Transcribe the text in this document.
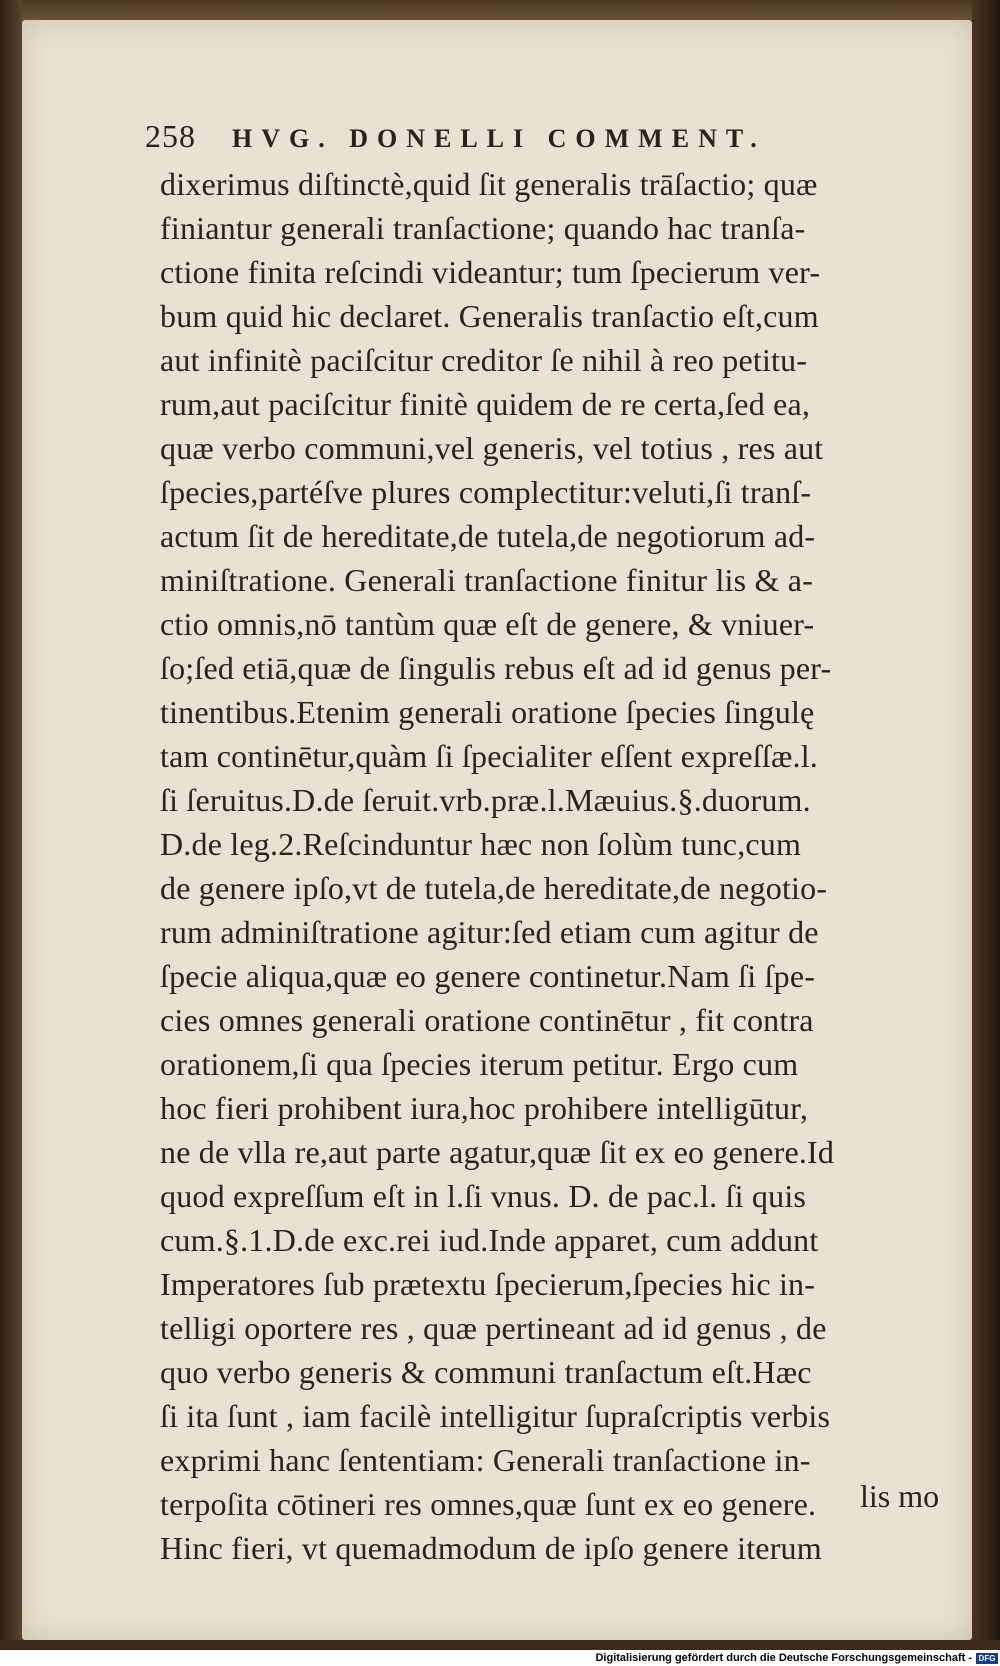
258 HVG. DONELLI COMMENT.
dixerimus diſtinctè,quid ſit generalis trāſactio; quæ
finiantur generali tranſactione; quando hac tranſa-
ctione finita reſcindi videantur; tum ſpecierum ver-
bum quid hic declaret. Generalis tranſactio eſt,cum
aut infinitè paciſcitur creditor ſe nihil à reo petitu-
rum,aut paciſcitur finitè quidem de re certa,ſed ea,
quæ verbo communi,vel generis, vel totius , res aut
ſpecies,partéſve plures complectitur:veluti,ſi tranſ-
actum ſit de hereditate,de tutela,de negotiorum ad-
miniſtratione. Generali tranſactione finitur lis & a-
ctio omnis,nō tantùm quæ eſt de genere, & vniuer-
ſo;ſed etiā,quæ de ſingulis rebus eſt ad id genus per-
tinentibus.Etenim generali oratione ſpecies ſingulę
tam continētur,quàm ſi ſpecialiter eſſent expreſſæ.l.
ſi ſeruitus.D.de ſeruit.vrb.præ.l.Mæuius.§.duorum.
D.de leg.2.Reſcinduntur hæc non ſolùm tunc,cum
de genere ipſo,vt de tutela,de hereditate,de negotio-
rum adminiſtratione agitur:ſed etiam cum agitur de
ſpecie aliqua,quæ eo genere continetur.Nam ſi ſpe-
cies omnes generali oratione continētur , fit contra
orationem,ſi qua ſpecies iterum petitur. Ergo cum
hoc fieri prohibent iura,hoc prohibere intelligūtur,
ne de vlla re,aut parte agatur,quæ ſit ex eo genere.Id
quod expreſſum eſt in l.ſi vnus. D. de pac.l. ſi quis
cum.§.1.D.de exc.rei iud.Inde apparet, cum addunt
Imperatores ſub prætextu ſpecierum,ſpecies hic in-
telligi oportere res , quæ pertineant ad id genus , de
quo verbo generis & communi tranſactum eſt.Hæc
ſi ita ſunt , iam facilè intelligitur ſupraſcriptis verbis
exprimi hanc ſententiam: Generali tranſactione in-
terpoſita cōtineri res omnes,quæ ſunt ex eo genere.
Hinc fieri, vt quemadmodum de ipſo genere iterum
lis mo
Digitalisierung gefördert durch die Deutsche Forschungsgemeinschaft - DFG
